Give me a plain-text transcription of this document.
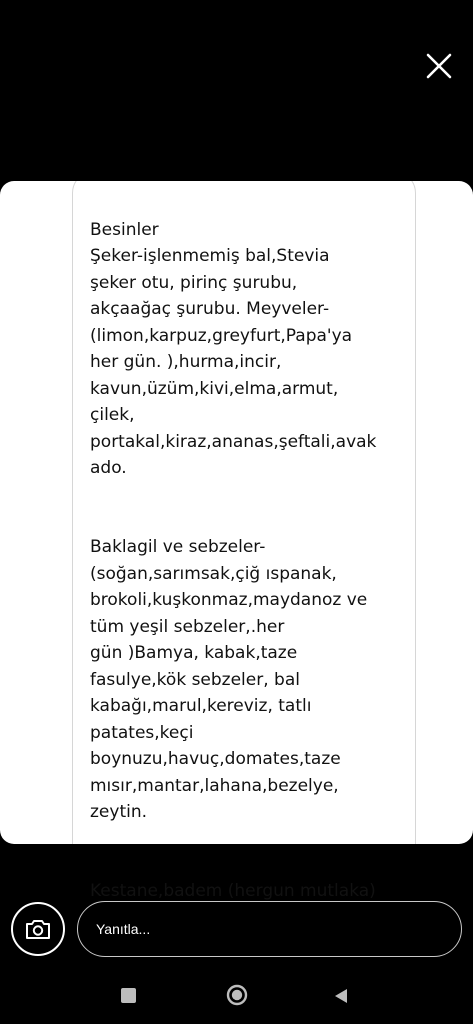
Besinler
Şeker-işlenmemiş bal,Stevia
şeker otu, pirinç şurubu,
akçaağaç şurubu. Meyveler-
(limon,karpuz,greyfurt,Papa'ya
her gün. ),hurma,incir,
kavun,üzüm,kivi,elma,armut,
çilek,
portakal,kiraz,ananas,şeftali,avak
ado.

Baklagil ve sebzeler-
(soğan,sarımsak,çiğ ıspanak,
brokoli,kuşkonmaz,maydanoz ve
tüm yeşil sebzeler,.her
gün )Bamya, kabak,taze
fasulye,kök sebzeler, bal
kabağı,marul,kereviz, tatlı
patates,keçi
boynuzu,havuç,domates,taze
mısır,mantar,lahana,bezelye,
zeytin.

Kestane,badem (hergun mutlaka)

Yanıtla...
